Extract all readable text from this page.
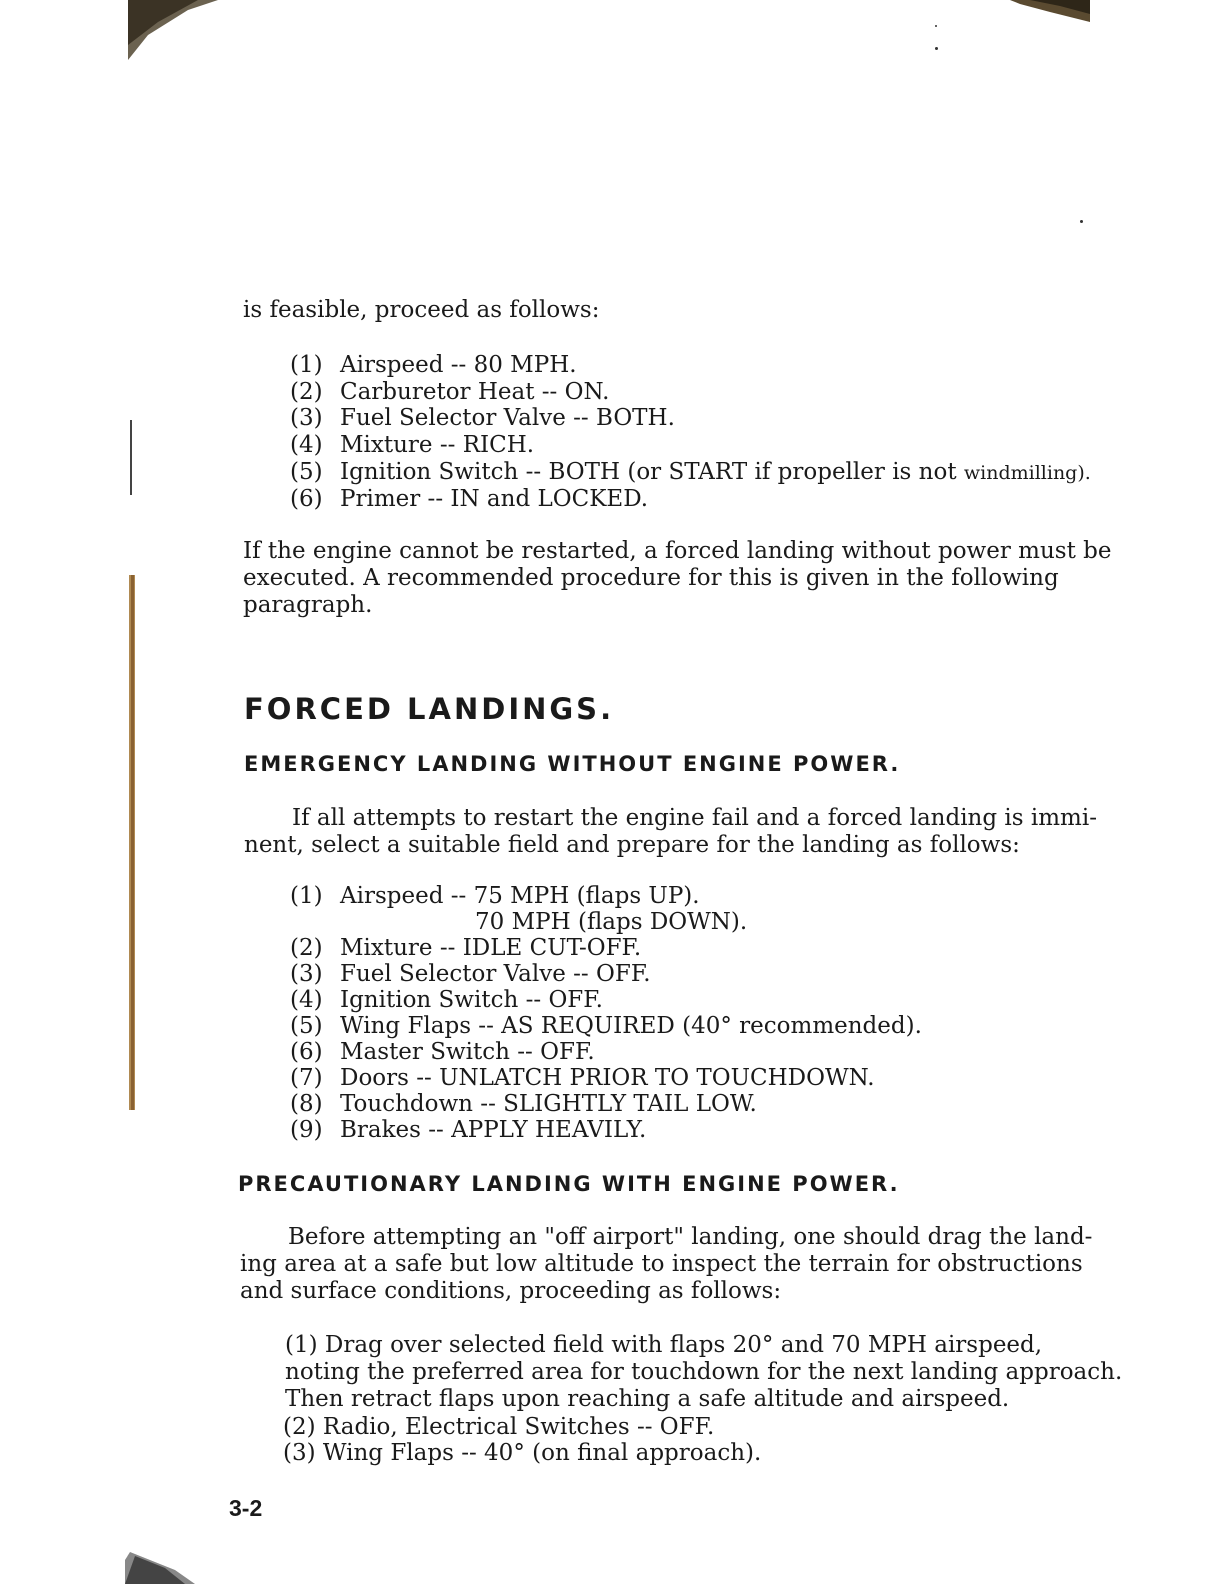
is feasible, proceed as follows:
(1) Airspeed -- 80 MPH.
(2) Carburetor Heat -- ON.
(3) Fuel Selector Valve -- BOTH.
(4) Mixture -- RICH.
(5) Ignition Switch -- BOTH (or START if propeller is not windmilling).
(6) Primer -- IN and LOCKED.
If the engine cannot be restarted, a forced landing without power must be
executed. A recommended procedure for this is given in the following
paragraph.
FORCED LANDINGS.
EMERGENCY LANDING WITHOUT ENGINE POWER.
If all attempts to restart the engine fail and a forced landing is immi-
nent, select a suitable field and prepare for the landing as follows:
(1) Airspeed -- 75 MPH (flaps UP).
70 MPH (flaps DOWN).
(2) Mixture -- IDLE CUT-OFF.
(3) Fuel Selector Valve -- OFF.
(4) Ignition Switch -- OFF.
(5) Wing Flaps -- AS REQUIRED (40° recommended).
(6) Master Switch -- OFF.
(7) Doors -- UNLATCH PRIOR TO TOUCHDOWN.
(8) Touchdown -- SLIGHTLY TAIL LOW.
(9) Brakes -- APPLY HEAVILY.
PRECAUTIONARY LANDING WITH ENGINE POWER.
Before attempting an "off airport" landing, one should drag the land-
ing area at a safe but low altitude to inspect the terrain for obstructions
and surface conditions, proceeding as follows:
(1) Drag over selected field with flaps 20° and 70 MPH airspeed,
noting the preferred area for touchdown for the next landing approach.
Then retract flaps upon reaching a safe altitude and airspeed.
(2) Radio, Electrical Switches -- OFF.
(3) Wing Flaps -- 40° (on final approach).
3-2
